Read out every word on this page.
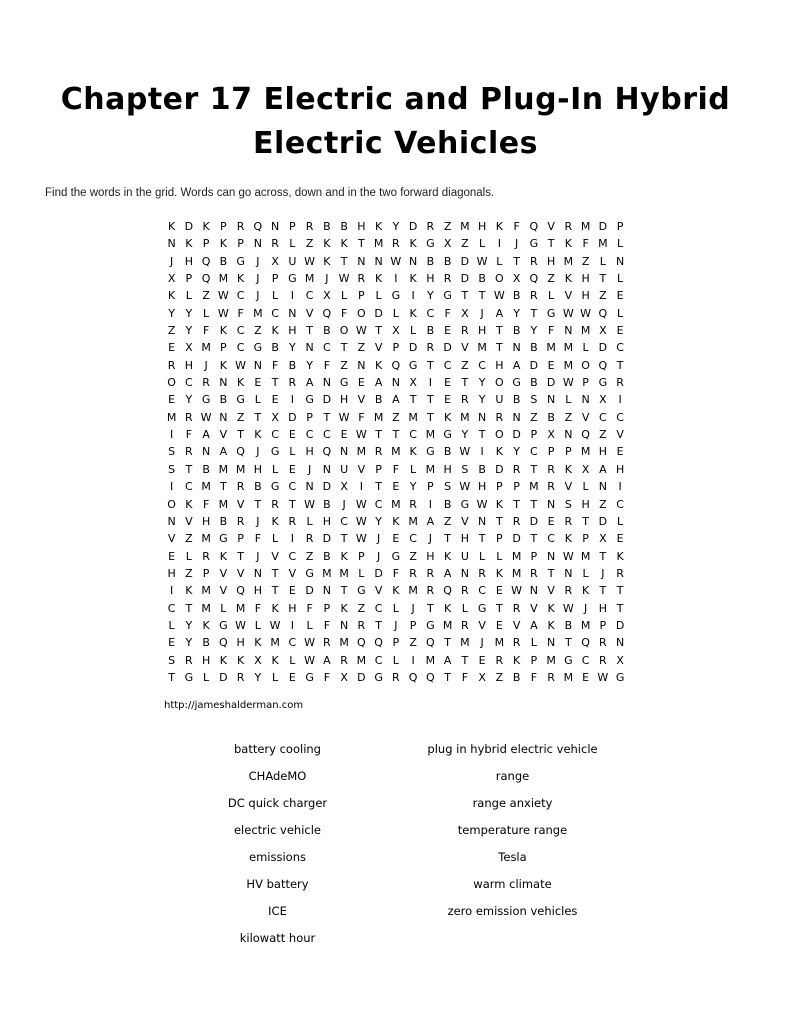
Chapter 17 Electric and Plug-In Hybrid Electric Vehicles

Find the words in the grid. Words can go across, down and in the two forward diagonals.

K D K P R Q N P R B B H K Y D R Z M H K F Q V R M D P
N K P K P N R L Z K K T M R K G X Z L	I	J	G T K F M L
J	H Q B G	J	X U W K T N N W N B B D W L T R H M Z L N
X P Q M K	J	P G M J W R K	I	K H R D B O X Q Z K H T L
K L Z W C	J	L	I	C X L P L G	I	Y G T T W B R L V H Z E
Y Y L W F M C N V Q F O D L K C F X	J	A Y T G W W Q L
Z Y F K C Z K H T B O W T X L B E R H T B Y F N M X E
E X M P C G B Y N C T Z V P D R D V M T N B M M L D C
R H	J	K W N F B Y F Z N K Q G T C Z C H A D E M O Q T
O C R N K E T R A N G E A N X	I	E T Y O G B D W P G R
E Y G B G L E	I	G D H V B A T T E R Y U B S N L N X	I
M R W N Z T X D P T W F M Z M T K M N R N Z B Z V C C
I	F A V T K C E C C E W T T C M G Y T O D P X N Q Z V
S R N A Q	J	G L H Q N M R M K G B W I	K Y C P P M H E
S T B M M H L E	J	N U V P F	L M H S B D R T R K X A H
I	C M T R B G C N D X	I	T E Y P S W H P P M R V L N	I
O K F M V T R T W B	J W C M R	I	B G W K T T N S H Z C
N V H B R	J	K R L H C W Y K M A Z V N T R D E R T D L
V Z M G P F	L	I	R D T W J	E C	J	T H T P D T C K P X E
E L R K T	J	V C Z B K P	J	G Z H K U L	L M P N W M T K
H Z P V V N T V G M M L D F R R A N R K M R T N L	J	R
I	K M V Q H T E D N T G V K M R Q R C E W N V R K T T
C T M L M F K H F P K Z C L	J	T K L G T R V K W J	H T
L Y K G W L W I	L	F N R T	J	P G M R V E V A K B M P D
E Y B Q H K M C W R M Q Q P Z Q T M J M R L N T Q R N
S R H K K X K L W A R M C L	I M A T E R K P M G C R X
T G L D R Y L E G F X D G R Q Q T F X Z B F R M E W G
http://jameshalderman.com
battery cooling
CHAdeMO
DC quick charger
electric vehicle
emissions
HV battery
ICE
kilowatt hour
plug in hybrid electric vehicle
range
range anxiety
temperature range
Tesla
warm climate
zero emission vehicles
